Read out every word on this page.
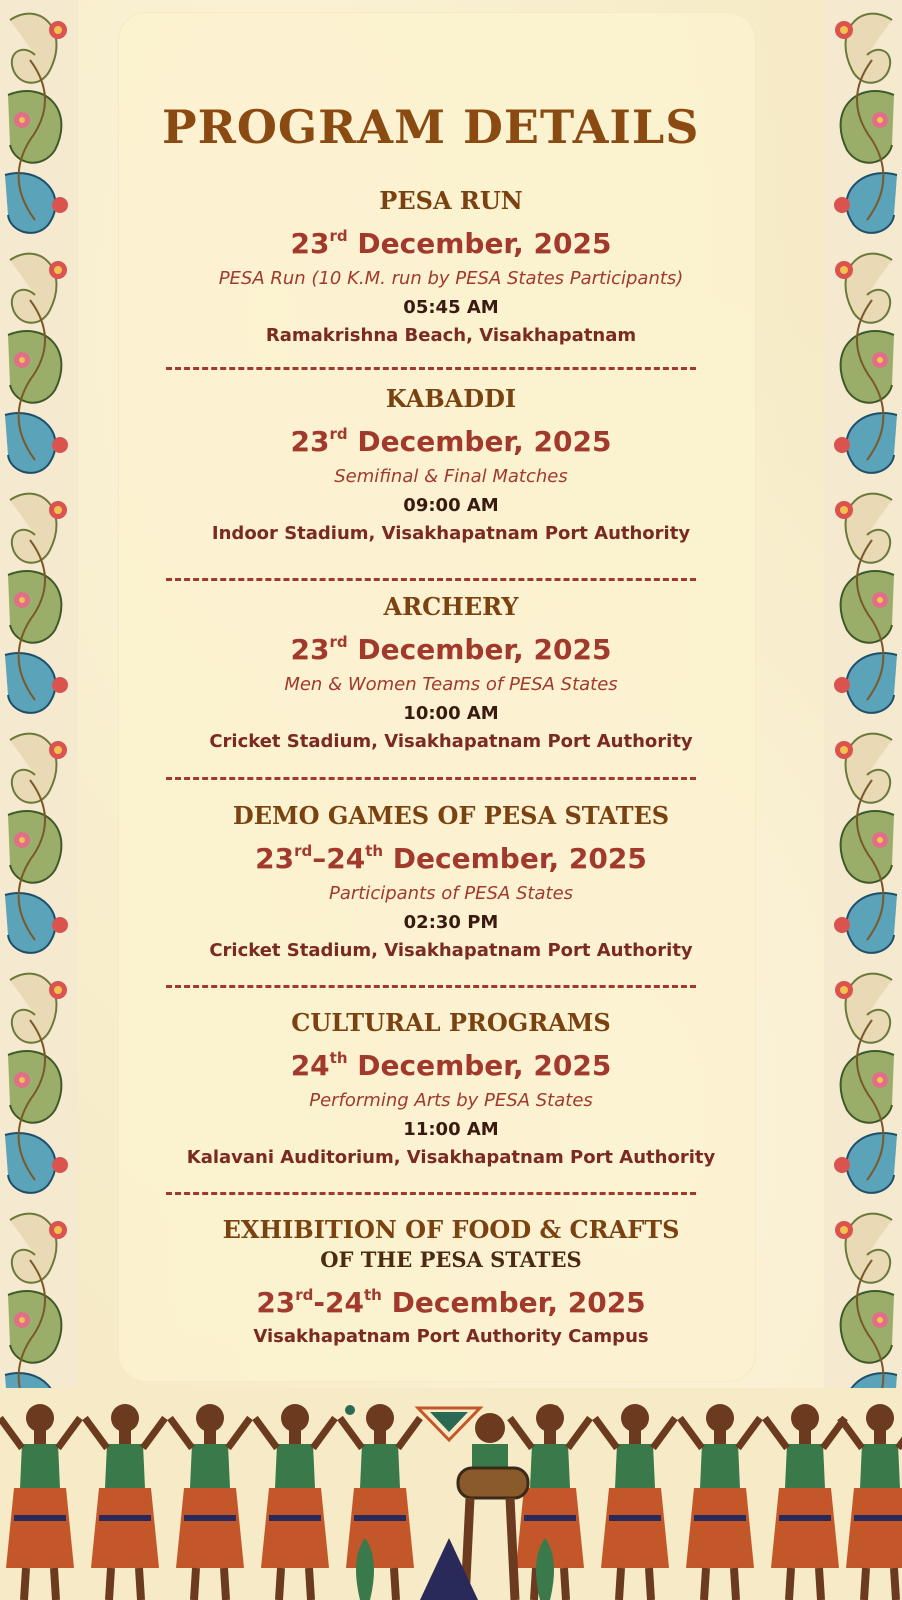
PROGRAM DETAILS
PESA RUN
23rd December, 2025
PESA Run (10 K.M. run by PESA States Participants)
05:45 AM
Ramakrishna Beach, Visakhapatnam
KABADDI
23rd December, 2025
Semifinal & Final Matches
09:00 AM
Indoor Stadium, Visakhapatnam Port Authority
ARCHERY
23rd December, 2025
Men & Women Teams of PESA States
10:00 AM
Cricket Stadium, Visakhapatnam Port Authority
DEMO GAMES OF PESA STATES
23rd–24th December, 2025
Participants of PESA States
02:30 PM
Cricket Stadium, Visakhapatnam Port Authority
CULTURAL PROGRAMS
24th December, 2025
Performing Arts by PESA States
11:00 AM
Kalavani Auditorium, Visakhapatnam Port Authority
EXHIBITION OF FOOD & CRAFTS
OF THE PESA STATES
23rd-24th December, 2025
Visakhapatnam Port Authority Campus
